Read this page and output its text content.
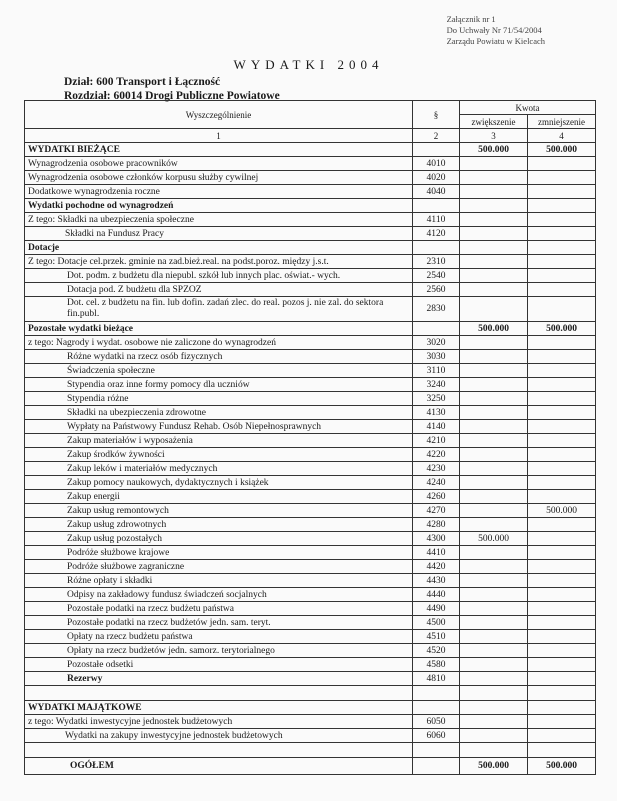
Załącznik nr 1
Do Uchwały Nr 71/54/2004
Zarządu Powiatu w Kielcach
WYDATKI 2004
Dział: 600 Transport i Łączność
Rozdział: 60014 Drogi Publiczne Powiatowe
Wyszczególnienie	§	Kwota	
		zwiększenie	zmniejszenie
1	2	3	4
WYDATKI BIEŻĄCE		500.000	500.000
Wynagrodzenia osobowe pracowników	4010		
Wynagrodzenia osobowe członków korpusu służby cywilnej	4020		
Dodatkowe wynagrodzenia roczne	4040		
Wydatki pochodne od wynagrodzeń			
Z tego: Składki na ubezpieczenia społeczne	4110		
Składki na Fundusz Pracy	4120		
Dotacje			
Z tego: Dotacje cel.przek. gminie na zad.bież.real. na podst.poroz. między j.s.t.	2310		
Dot. podm. z budżetu dla niepubl. szkół lub innych plac. oświat.- wych.	2540		
Dotacja pod. Z budżetu dla SPZOZ	2560		
Dot. cel. z budżetu na fin. lub dofin. zadań zlec. do real. pozos j. nie zal. do sektora fin.publ.	2830		
Pozostałe wydatki bieżące		500.000	500.000
z tego: Nagrody i wydat. osobowe nie zaliczone do wynagrodzeń	3020		
Różne wydatki na rzecz osób fizycznych	3030		
Świadczenia społeczne	3110		
Stypendia oraz inne formy pomocy dla uczniów	3240		
Stypendia różne	3250		
Składki na ubezpieczenia zdrowotne	4130		
Wypłaty na Państwowy Fundusz Rehab. Osób Niepełnosprawnych	4140		
Zakup materiałów i wyposażenia	4210		
Zakup środków żywności	4220		
Zakup leków i materiałów medycznych	4230		
Zakup pomocy naukowych, dydaktycznych i książek	4240		
Zakup energii	4260		
Zakup usług remontowych	4270		500.000
Zakup usług zdrowotnych	4280		
Zakup usług pozostałych	4300	500.000	
Podróże służbowe krajowe	4410		
Podróże służbowe zagraniczne	4420		
Różne opłaty i składki	4430		
Odpisy na zakładowy fundusz świadczeń socjalnych	4440		
Pozostałe podatki na rzecz budżetu państwa	4490		
Pozostałe podatki na rzecz budżetów jedn. sam. teryt.	4500		
Opłaty na rzecz budżetu państwa	4510		
Opłaty na rzecz budżetów jedn. samorz. terytorialnego	4520		
Pozostałe odsetki	4580		
Rezerwy	4810		

WYDATKI MAJĄTKOWE			
z tego: Wydatki inwestycyjne jednostek budżetowych	6050		
Wydatki na zakupy inwestycyjne jednostek budżetowych	6060		

OGÓŁEM		500.000	500.000
